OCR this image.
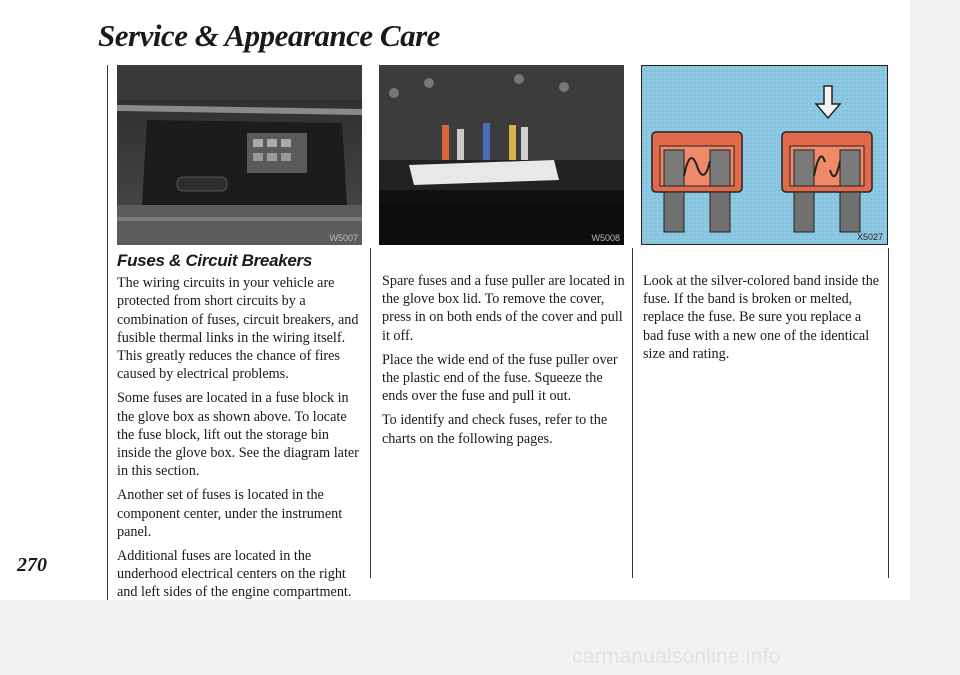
Service & Appearance Care
W5007	W5008	X5027
Fuses & Circuit Breakers

The wiring circuits in your vehicle are protected from short circuits by a combination of fuses, circuit breakers, and fusible thermal links in the wiring itself. This greatly reduces the chance of fires caused by electrical problems.

Some fuses are located in a fuse block in the glove box as shown above. To locate the fuse block, lift out the storage bin inside the glove box. See the diagram later in this section.

Another set of fuses is located in the component center, under the instrument panel.

Additional fuses are located in the underhood electrical centers on the right and left sides of the engine compartment.

Spare fuses and a fuse puller are located in the glove box lid. To remove the cover, press in on both ends of the cover and pull it off.

Place the wide end of the fuse puller over the plastic end of the fuse. Squeeze the ends over the fuse and pull it out.

To identify and check fuses, refer to the charts on the following pages.

Look at the silver-colored band inside the fuse. If the band is broken or melted, replace the fuse. Be sure you replace a bad fuse with a new one of the identical size and rating.

270
carmanualsonline.info
